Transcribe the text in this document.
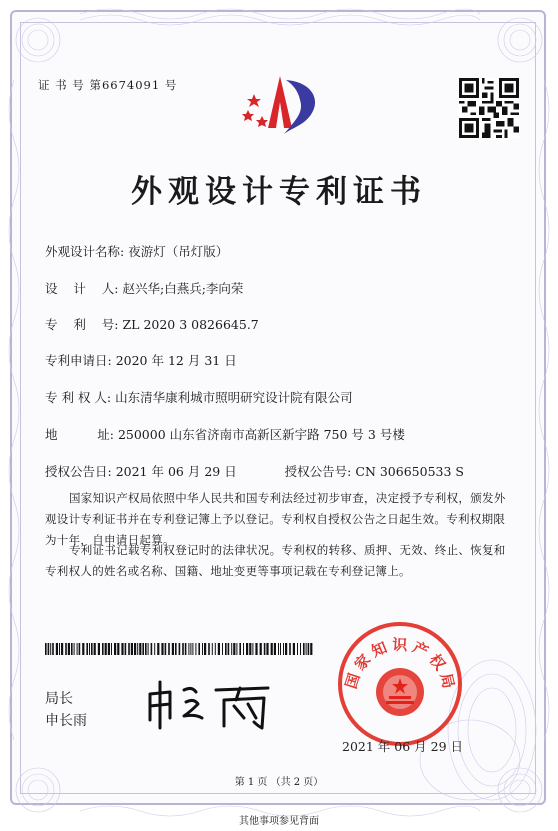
证 书 号 第6674091 号
外观设计专利证书
外观设计名称: 夜游灯（吊灯版）
设    计    人: 赵兴华;白燕兵;李向荣
专    利    号: ZL 2020 3 0826645.7
专利申请日: 2020 年 12 月 31 日
专 利 权 人: 山东清华康利城市照明研究设计院有限公司
地          址: 250000 山东省济南市高新区新宇路 750 号 3 号楼
授权公告日: 2021 年 06 月 29 日	授权公告号: CN 306650533 S
国家知识产权局依照中华人民共和国专利法经过初步审查，决定授予专利权，颁发外观设计专利证书并在专利登记簿上予以登记。专利权自授权公告之日起生效。专利权期限为十年，自申请日起算。
专利证书记载专利权登记时的法律状况。专利权的转移、质押、无效、终止、恢复和专利权人的姓名或名称、国籍、地址变更等事项记载在专利登记簿上。
局长
申长雨
国家知识产权局
2021 年 06 月 29 日
第 1 页 （共 2 页）
其他事项参见背面
